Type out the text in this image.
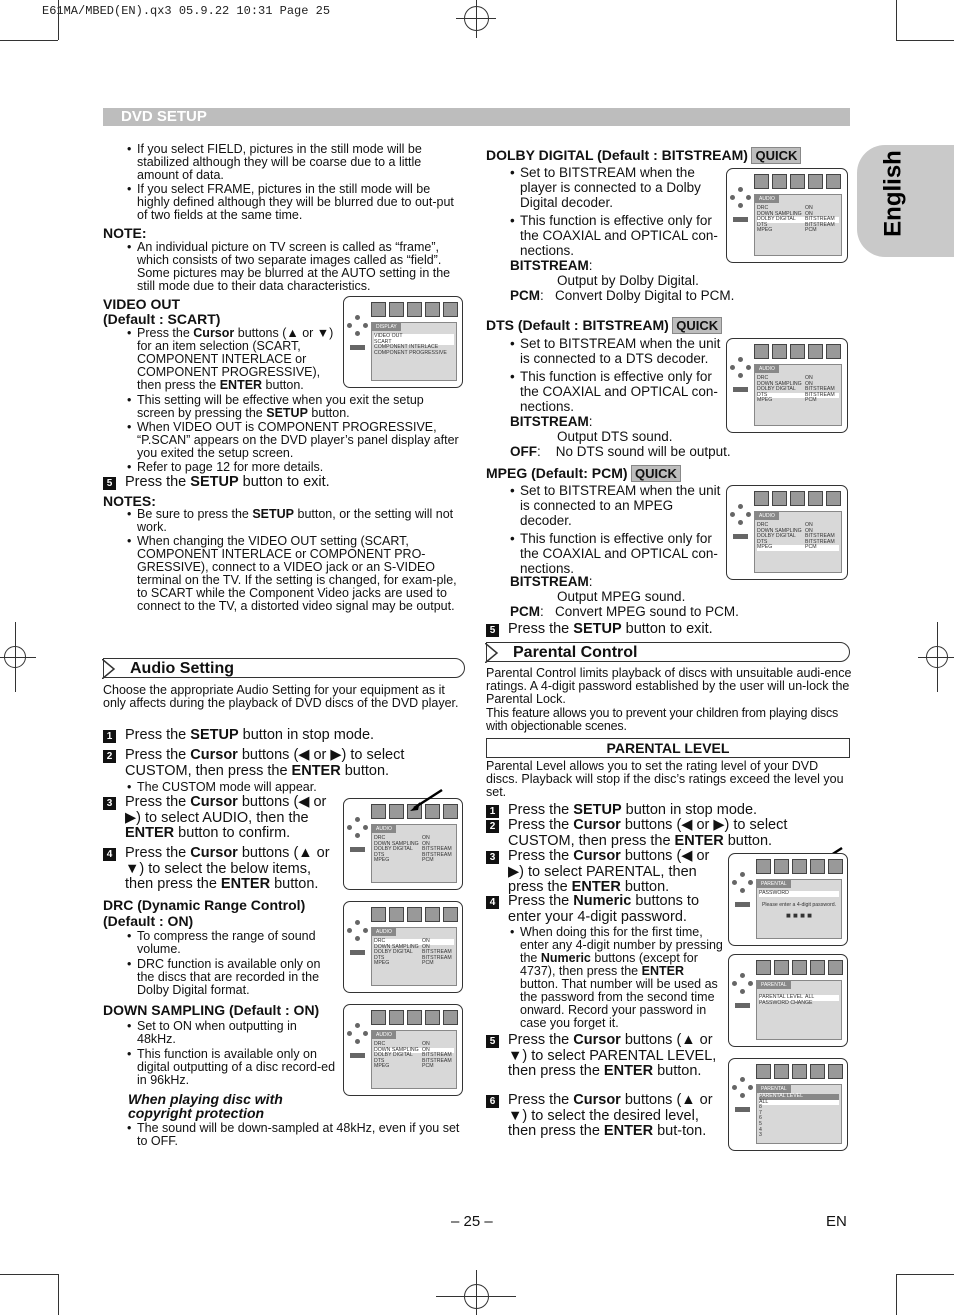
E61MA/MBED(EN).qx3 05.9.22 10:31 Page 25
English
DVD SETUP
• If you select FIELD, pictures in the still mode will be stabilized although they will be coarse due to a little amount of data.
• If you select FRAME, pictures in the still mode will be highly defined although they will be blurred due to out-put of two fields at the same time.
NOTE:
• An individual picture on TV screen is called as “frame”, which consists of two separate images called as “field”. Some pictures may be blurred at the AUTO setting in the still mode due to their data characteristics.
VIDEO OUT
(Default : SCART)
• Press the Cursor buttons (▲ or ▼) for an item selection (SCART, COMPONENT INTERLACE or COMPONENT PROGRESSIVE), then press the ENTER button.
DISPLAY
VIDEO OUT
SCART
COMPONENT INTERLACE
COMPONENT PROGRESSIVE
• This setting will be effective when you exit the setup screen by pressing the SETUP button.
• When VIDEO OUT is COMPONENT PROGRESSIVE, “P.SCAN” appears on the DVD player’s panel display after you exited the setup screen.
• Refer to page 12 for more details.
5 Press the SETUP button to exit.
NOTES:
• Be sure to press the SETUP button, or the setting will not work.
• When changing the VIDEO OUT setting (SCART, COMPONENT INTERLACE or COMPONENT PRO-GRESSIVE), connect to a VIDEO jack or an S-VIDEO terminal on the TV. If the setting is changed, for exam-ple, to SCART while the Component Video jacks are used to connect to the TV, a distorted video signal may be output.
Audio Setting
Choose the appropriate Audio Setting for your equipment as it only affects during the playback of DVD discs of the DVD player.
1 Press the SETUP button in stop mode.
2 Press the Cursor buttons (◀ or ▶) to select CUSTOM, then press the ENTER button.
• The CUSTOM mode will appear.
3 Press the Cursor buttons (◀ or ▶) to select AUDIO, then the ENTER button to confirm.
4 Press the Cursor buttons (▲ or ▼) to select the below items, then press the ENTER button.
AUDIO
DRC	ON
DOWN SAMPLING ON
DOLBY DIGITAL BITSTREAM
DTS	BITSTREAM
MPEG	PCM
AUDIO
DRC	ON
DOWN SAMPLING ON
DOLBY DIGITAL BITSTREAM
DTS	BITSTREAM
MPEG	PCM
AUDIO
DRC	ON
DOWN SAMPLING ON
DOLBY DIGITAL BITSTREAM
DTS	BITSTREAM
MPEG	PCM
DRC (Dynamic Range Control)
(Default : ON)
• To compress the range of sound volume.
• DRC function is available only on the discs that are recorded in the Dolby Digital format.
DOWN SAMPLING (Default : ON)
• Set to ON when outputting in 48kHz.
• This function is available only on digital outputting of a disc record-ed in 96kHz.
When playing disc with copyright protection
• The sound will be down-sampled at 48kHz, even if you set to OFF.
DOLBY DIGITAL (Default : BITSTREAM) QUICK
• Set to BITSTREAM when the player is connected to a Dolby Digital decoder.
• This function is effective only for the COAXIAL and OPTICAL con-nections.
BITSTREAM:
Output by Dolby Digital.
PCM:   Convert Dolby Digital to PCM.
AUDIO
DRC	ON
DOWN SAMPLING ON
DOLBY DIGITAL BITSTREAM
DTS	BITSTREAM
MPEG	PCM
DTS (Default : BITSTREAM) QUICK
• Set to BITSTREAM when the unit is connected to a DTS decoder.
• This function is effective only for the COAXIAL and OPTICAL con-nections.
BITSTREAM:
Output DTS sound.
OFF:    No DTS sound will be output.
AUDIO
DRC	ON
DOWN SAMPLING ON
DOLBY DIGITAL BITSTREAM
DTS	BITSTREAM
MPEG	PCM
MPEG (Default: PCM) QUICK
• Set to BITSTREAM when the unit is connected to an MPEG decoder.
• This function is effective only for the COAXIAL and OPTICAL con-nections.
BITSTREAM:
Output MPEG sound.
PCM:   Convert MPEG sound to PCM.
AUDIO
DRC	ON
DOWN SAMPLING ON
DOLBY DIGITAL BITSTREAM
DTS	BITSTREAM
MPEG	PCM
5 Press the SETUP button to exit.
Parental Control
Parental Control limits playback of discs with unsuitable audi-ence ratings. A 4-digit password established by the user will un-lock the Parental Lock.
This feature allows you to prevent your children from playing discs with objectionable scenes.
PARENTAL LEVEL
Parental Level allows you to set the rating level of your DVD discs. Playback will stop if the disc’s ratings exceed the level you set.
1 Press the SETUP button in stop mode.
2 Press the Cursor buttons (◀ or ▶) to select CUSTOM, then press the ENTER button.
3 Press the Cursor buttons (◀ or ▶) to select PARENTAL, then press the ENTER button.
4 Press the Numeric buttons to enter your 4-digit password.
• When doing this for the first time, enter any 4-digit number by pressing the Numeric buttons (except for 4737), then press the ENTER button. That number will be used as the password from the second time onward. Record your password in case you forget it.
5 Press the Cursor buttons (▲ or ▼) to select PARENTAL LEVEL, then press the ENTER button.
6 Press the Cursor buttons (▲ or ▼) to select the desired level, then press the ENTER but-ton.
PARENTAL
PASSWORD
Please enter a 4-digit password.
■ ■ ■ ■
PARENTAL
PARENTAL LEVEL ALL
PASSWORD CHANGE
PARENTAL
PARENTAL LEVEL
ALL
8
7
6
5
4
3
– 25 –	EN
